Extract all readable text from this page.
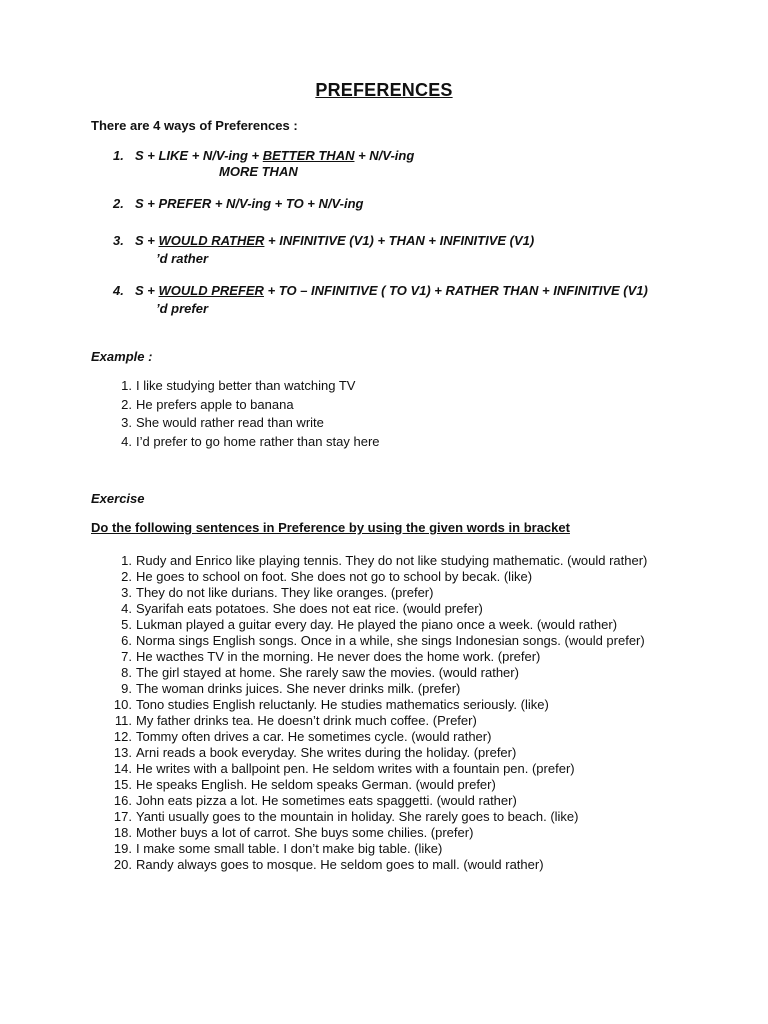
PREFERENCES
There are 4 ways of Preferences :
1. S + LIKE + N/V-ing + BETTER THAN + N/V-ing
MORE THAN
2. S + PREFER + N/V-ing + TO + N/V-ing
3. S + WOULD RATHER + INFINITIVE (V1) + THAN + INFINITIVE (V1)
’d rather
4. S + WOULD PREFER + TO – INFINITIVE ( TO V1) + RATHER THAN + INFINITIVE (V1)
’d prefer
Example :
1. I like studying better than watching TV
2. He prefers apple to banana
3. She would rather read than write
4. I’d prefer to go home rather than stay here
Exercise
Do the following sentences in Preference by using the given words in bracket
1. Rudy and Enrico like playing tennis. They do not like studying mathematic. (would rather)
2. He goes to school on foot. She does not go to school by becak. (like)
3. They do not like durians. They like oranges. (prefer)
4. Syarifah eats potatoes. She does not eat rice. (would prefer)
5. Lukman played a guitar every day. He played the piano once a week. (would rather)
6. Norma sings English songs. Once in a while, she sings Indonesian songs. (would prefer)
7. He wacthes TV in the morning. He never does the home work. (prefer)
8. The girl stayed at home. She rarely saw the movies. (would rather)
9. The woman drinks juices. She never drinks milk. (prefer)
10. Tono studies English reluctanly. He studies mathematics seriously. (like)
11. My father drinks tea. He doesn’t drink much coffee. (Prefer)
12. Tommy often drives a car. He sometimes cycle. (would rather)
13. Arni reads a book everyday. She writes during the holiday. (prefer)
14. He writes with a ballpoint pen. He seldom writes with a fountain pen. (prefer)
15. He speaks English. He seldom speaks German. (would prefer)
16. John eats pizza a lot. He sometimes eats spaggetti. (would rather)
17. Yanti usually goes to the mountain in holiday. She rarely goes to beach. (like)
18. Mother buys a lot of carrot. She buys some chilies. (prefer)
19. I make some small table. I don’t make big table. (like)
20. Randy always goes to mosque. He seldom goes to mall. (would rather)
